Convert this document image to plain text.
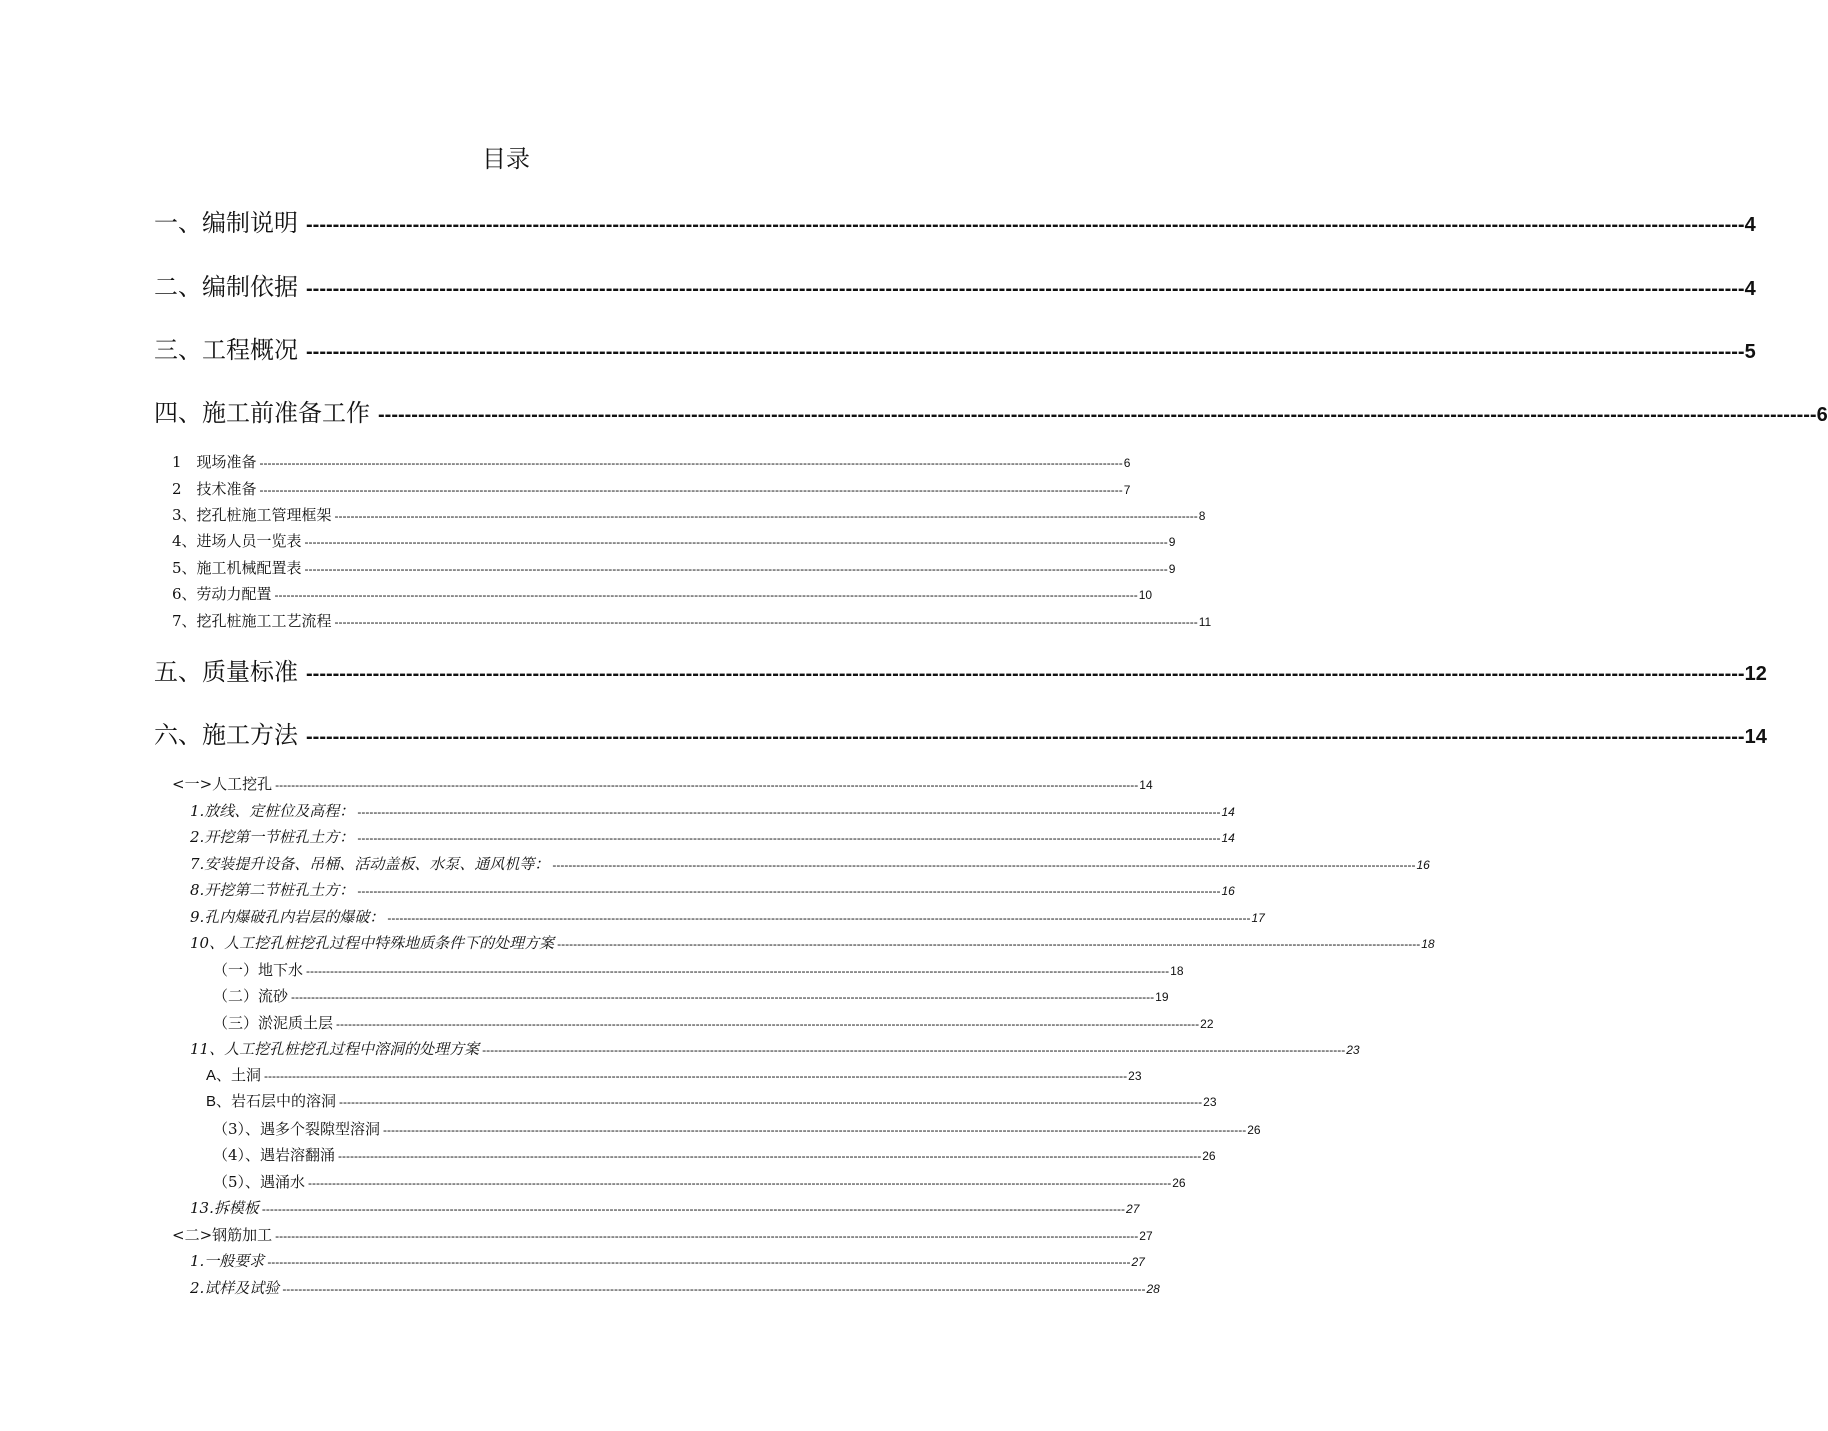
目录
一、编制说明 ------------------------------------------------------------------------------------------------------------------------------------------------------------------------------------------------------------------------ 4
二、编制依据 ------------------------------------------------------------------------------------------------------------------------------------------------------------------------------------------------------------------------ 4
三、工程概况 ------------------------------------------------------------------------------------------------------------------------------------------------------------------------------------------------------------------------ 5
四、施工前准备工作 ------------------------------------------------------------------------------------------------------------------------------------------------------------------------------------------------------------------------ 6
1　现场准备 ------------------------------------------------------------------------------------------------------------------------------------------------------------------------------------------------------------------------ 6
2　技术准备 ------------------------------------------------------------------------------------------------------------------------------------------------------------------------------------------------------------------------ 7
3、挖孔桩施工管理框架 ------------------------------------------------------------------------------------------------------------------------------------------------------------------------------------------------------------------------ 8
4、进场人员一览表 ------------------------------------------------------------------------------------------------------------------------------------------------------------------------------------------------------------------------ 9
5、施工机械配置表 ------------------------------------------------------------------------------------------------------------------------------------------------------------------------------------------------------------------------ 9
6、劳动力配置 ------------------------------------------------------------------------------------------------------------------------------------------------------------------------------------------------------------------------ 10
7、挖孔桩施工工艺流程 ------------------------------------------------------------------------------------------------------------------------------------------------------------------------------------------------------------------------ 11
五、质量标准 ------------------------------------------------------------------------------------------------------------------------------------------------------------------------------------------------------------------------ 12
六、施工方法 ------------------------------------------------------------------------------------------------------------------------------------------------------------------------------------------------------------------------ 14
<一>人工挖孔 ------------------------------------------------------------------------------------------------------------------------------------------------------------------------------------------------------------------------ 14
1.放线、定桩位及高程： ------------------------------------------------------------------------------------------------------------------------------------------------------------------------------------------------------------------------ 14
2.开挖第一节桩孔土方： ------------------------------------------------------------------------------------------------------------------------------------------------------------------------------------------------------------------------ 14
7.安装提升设备、吊桶、活动盖板、水泵、通风机等： ------------------------------------------------------------------------------------------------------------------------------------------------------------------------------------------------------------------------ 16
8.开挖第二节桩孔土方： ------------------------------------------------------------------------------------------------------------------------------------------------------------------------------------------------------------------------ 16
9.孔内爆破孔内岩层的爆破： ------------------------------------------------------------------------------------------------------------------------------------------------------------------------------------------------------------------------ 17
10、人工挖孔桩挖孔过程中特殊地质条件下的处理方案 ------------------------------------------------------------------------------------------------------------------------------------------------------------------------------------------------------------------------ 18
（一）地下水 ------------------------------------------------------------------------------------------------------------------------------------------------------------------------------------------------------------------------ 18
（二）流砂 ------------------------------------------------------------------------------------------------------------------------------------------------------------------------------------------------------------------------ 19
（三）淤泥质土层 ------------------------------------------------------------------------------------------------------------------------------------------------------------------------------------------------------------------------ 22
11、人工挖孔桩挖孔过程中溶洞的处理方案 ------------------------------------------------------------------------------------------------------------------------------------------------------------------------------------------------------------------------ 23
A、土洞 ------------------------------------------------------------------------------------------------------------------------------------------------------------------------------------------------------------------------ 23
B、岩石层中的溶洞 ------------------------------------------------------------------------------------------------------------------------------------------------------------------------------------------------------------------------ 23
（3）、遇多个裂隙型溶洞 ------------------------------------------------------------------------------------------------------------------------------------------------------------------------------------------------------------------------ 26
（4）、遇岩溶翻涌 ------------------------------------------------------------------------------------------------------------------------------------------------------------------------------------------------------------------------ 26
（5）、遇涌水 ------------------------------------------------------------------------------------------------------------------------------------------------------------------------------------------------------------------------ 26
13.拆模板 ------------------------------------------------------------------------------------------------------------------------------------------------------------------------------------------------------------------------ 27
<二>钢筋加工 ------------------------------------------------------------------------------------------------------------------------------------------------------------------------------------------------------------------------ 27
1.一般要求 ------------------------------------------------------------------------------------------------------------------------------------------------------------------------------------------------------------------------ 27
2.试样及试验 ------------------------------------------------------------------------------------------------------------------------------------------------------------------------------------------------------------------------ 28
